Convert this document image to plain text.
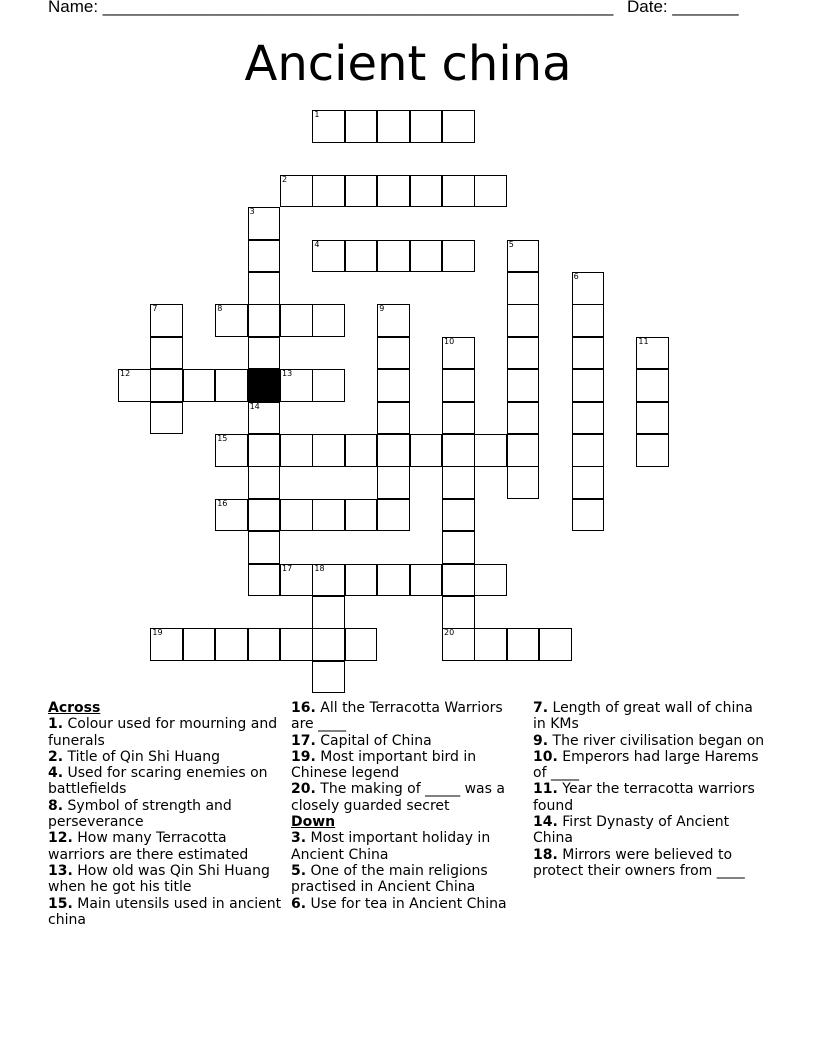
Name: ______________________________________________________ Date: _______
Ancient china
1
2
3
14
4	5
6
7	8	9
10	11
12	13
15
16
17	18
19	20
Across

1. Colour used for mourning and funerals

2. Title of Qin Shi Huang

4. Used for scaring enemies on battlefields

8. Symbol of strength and perseverance

12. How many Terracotta warriors are there estimated

13. How old was Qin Shi Huang when he got his title

15. Main utensils used in ancient china

16. All the Terracotta Warriors are ____

17. Capital of China

19. Most important bird in Chinese legend

20. The making of _____ was a closely guarded secret

Down

3. Most important holiday in Ancient China

5. One of the main religions practised in Ancient China

6. Use for tea in Ancient China

7. Length of great wall of china in KMs

9. The river civilisation began on

10. Emperors had large Harems of ____

11. Year the terracotta warriors found

14. First Dynasty of Ancient China

18. Mirrors were believed to protect their owners from ____
